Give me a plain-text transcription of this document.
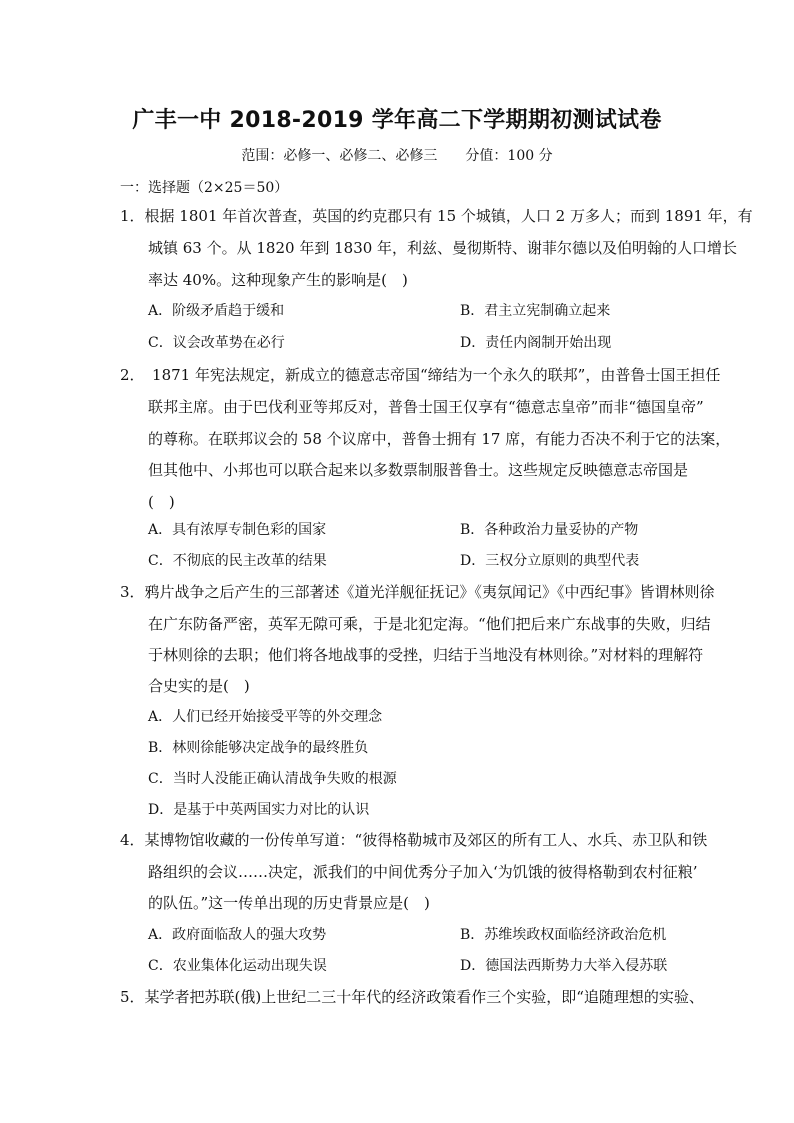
广丰一中 2018-2019 学年高二下学期期初测试试卷
范围：必修一、必修二、必修三 分值：100 分
一：选择题（2×25＝50）
1．根据 1801 年首次普查，英国的约克郡只有 15 个城镇，人口 2 万多人；而到 1891 年，有
城镇 63 个。从 1820 年到 1830 年，利兹、曼彻斯特、谢菲尔德以及伯明翰的人口增长
率达 40%。这种现象产生的影响是(　)
A．阶级矛盾趋于缓和	B．君主立宪制确立起来
C．议会改革势在必行	D．责任内阁制开始出现
2．　1871 年宪法规定，新成立的德意志帝国“缔结为一个永久的联邦”，由普鲁士国王担任
联邦主席。由于巴伐利亚等邦反对，普鲁士国王仅享有“德意志皇帝”而非“德国皇帝”
的尊称。在联邦议会的 58 个议席中，普鲁士拥有 17 席，有能力否决不利于它的法案，
但其他中、小邦也可以联合起来以多数票制服普鲁士。这些规定反映德意志帝国是
(　)
A．具有浓厚专制色彩的国家	B．各种政治力量妥协的产物
C．不彻底的民主改革的结果	D．三权分立原则的典型代表
3．鸦片战争之后产生的三部著述《道光洋舰征抚记》《夷氛闻记》《中西纪事》皆谓林则徐
在广东防备严密，英军无隙可乘，于是北犯定海。“他们把后来广东战事的失败，归结
于林则徐的去职；他们将各地战事的受挫，归结于当地没有林则徐。”对材料的理解符
合史实的是(　)
A．人们已经开始接受平等的外交理念
B．林则徐能够决定战争的最终胜负
C．当时人没能正确认清战争失败的根源
D．是基于中英两国实力对比的认识
4．某博物馆收藏的一份传单写道：“彼得格勒城市及郊区的所有工人、水兵、赤卫队和铁
路组织的会议……决定，派我们的中间优秀分子加入‘为饥饿的彼得格勒到农村征粮’
的队伍。”这一传单出现的历史背景应是(　)
A．政府面临敌人的强大攻势	B．苏维埃政权面临经济政治危机
C．农业集体化运动出现失误	D．德国法西斯势力大举入侵苏联
5．某学者把苏联(俄)上世纪二三十年代的经济政策看作三个实验，即“追随理想的实验、
